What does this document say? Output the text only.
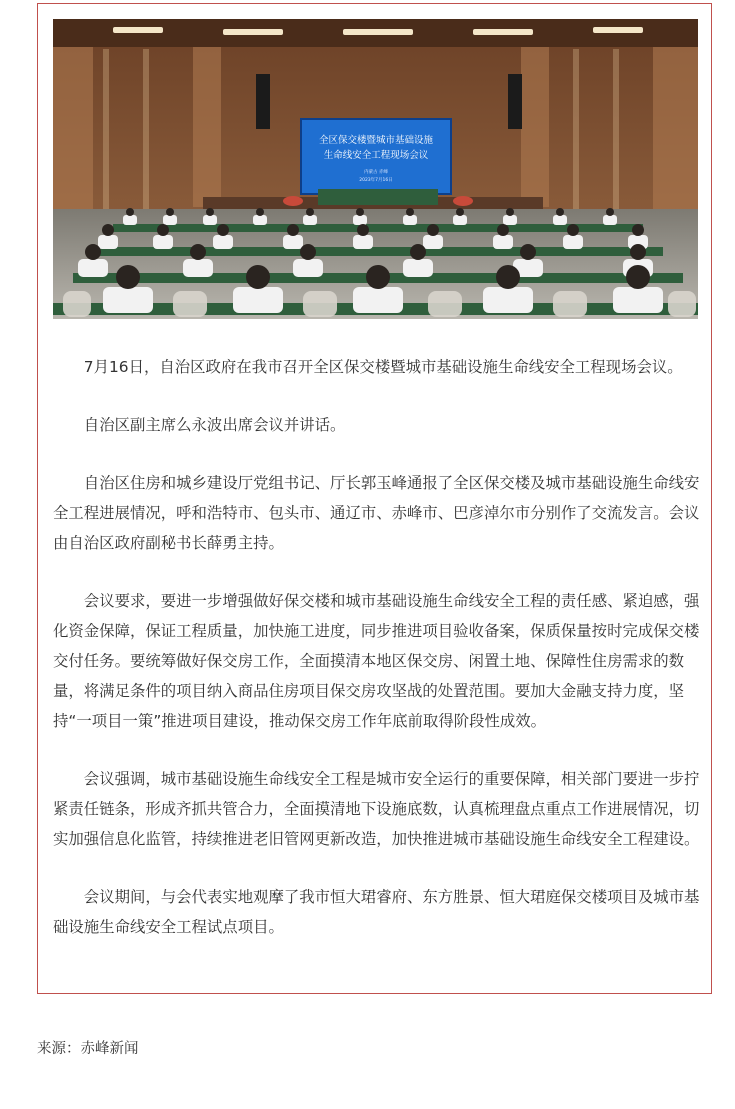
全区保交楼暨城市基础设施
生命线安全工程现场会议
内蒙古 赤峰
2023年7月16日

7月16日，自治区政府在我市召开全区保交楼暨城市基础设施生命线安全工程现场会议。

自治区副主席么永波出席会议并讲话。

自治区住房和城乡建设厅党组书记、厅长郭玉峰通报了全区保交楼及城市基础设施生命线安全工程进展情况，呼和浩特市、包头市、通辽市、赤峰市、巴彦淖尔市分别作了交流发言。会议由自治区政府副秘书长薛勇主持。

会议要求，要进一步增强做好保交楼和城市基础设施生命线安全工程的责任感、紧迫感，强化资金保障，保证工程质量，加快施工进度，同步推进项目验收备案，保质保量按时完成保交楼交付任务。要统筹做好保交房工作，全面摸清本地区保交房、闲置土地、保障性住房需求的数量，将满足条件的项目纳入商品住房项目保交房攻坚战的处置范围。要加大金融支持力度，坚持“一项目一策”推进项目建设，推动保交房工作年底前取得阶段性成效。

会议强调，城市基础设施生命线安全工程是城市安全运行的重要保障，相关部门要进一步拧紧责任链条，形成齐抓共管合力，全面摸清地下设施底数，认真梳理盘点重点工作进展情况，切实加强信息化监管，持续推进老旧管网更新改造，加快推进城市基础设施生命线安全工程建设。

会议期间，与会代表实地观摩了我市恒大珺睿府、东方胜景、恒大珺庭保交楼项目及城市基础设施生命线安全工程试点项目。

来源：赤峰新闻
